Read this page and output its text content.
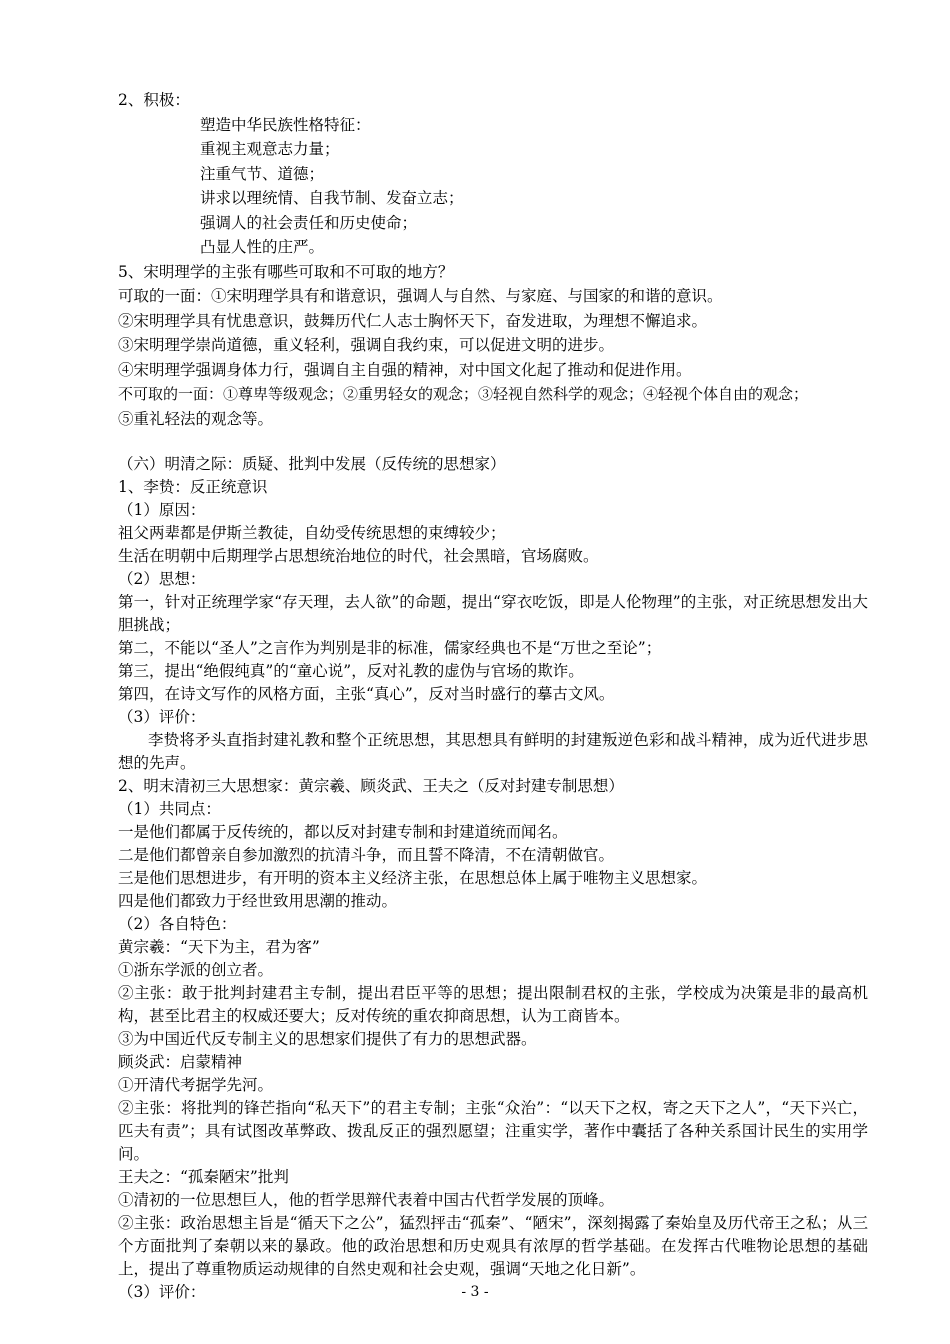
2、积极：
塑造中华民族性格特征：
重视主观意志力量；
注重气节、道德；
讲求以理统情、自我节制、发奋立志；
强调人的社会责任和历史使命；
凸显人性的庄严。
5、宋明理学的主张有哪些可取和不可取的地方？
可取的一面：①宋明理学具有和谐意识，强调人与自然、与家庭、与国家的和谐的意识。
②宋明理学具有忧患意识，鼓舞历代仁人志士胸怀天下，奋发进取，为理想不懈追求。
③宋明理学崇尚道德，重义轻利，强调自我约束，可以促进文明的进步。
④宋明理学强调身体力行，强调自主自强的精神，对中国文化起了推动和促进作用。
不可取的一面：①尊卑等级观念；②重男轻女的观念；③轻视自然科学的观念；④轻视个体自由的观念；
⑤重礼轻法的观念等。
（六）明清之际：质疑、批判中发展（反传统的思想家）
1、李贽：反正统意识
（1）原因：
祖父两辈都是伊斯兰教徒，自幼受传统思想的束缚较少；
生活在明朝中后期理学占思想统治地位的时代，社会黑暗，官场腐败。
（2）思想：
第一，针对正统理学家“存天理，去人欲”的命题，提出“穿衣吃饭，即是人伦物理”的主张，对正统思想发出大胆挑战；
第二，不能以“圣人”之言作为判别是非的标准，儒家经典也不是“万世之至论”；
第三，提出“绝假纯真”的“童心说”，反对礼教的虚伪与官场的欺诈。
第四，在诗文写作的风格方面，主张“真心”，反对当时盛行的摹古文风。
（3）评价：
李贽将矛头直指封建礼教和整个正统思想，其思想具有鲜明的封建叛逆色彩和战斗精神，成为近代进步思想的先声。
2、明末清初三大思想家：黄宗羲、顾炎武、王夫之（反对封建专制思想）
（1）共同点：
一是他们都属于反传统的，都以反对封建专制和封建道统而闻名。
二是他们都曾亲自参加激烈的抗清斗争，而且誓不降清，不在清朝做官。
三是他们思想进步，有开明的资本主义经济主张，在思想总体上属于唯物主义思想家。
四是他们都致力于经世致用思潮的推动。
（2）各自特色：
黄宗羲：“天下为主，君为客”
①浙东学派的创立者。
②主张：敢于批判封建君主专制，提出君臣平等的思想；提出限制君权的主张，学校成为决策是非的最高机构，甚至比君主的权威还要大；反对传统的重农抑商思想，认为工商皆本。
③为中国近代反专制主义的思想家们提供了有力的思想武器。
顾炎武：启蒙精神
①开清代考据学先河。
②主张：将批判的锋芒指向“私天下”的君主专制；主张“众治”：“以天下之权，寄之天下之人”，“天下兴亡，匹夫有责”；具有试图改革弊政、拨乱反正的强烈愿望；注重实学，著作中囊括了各种关系国计民生的实用学问。
王夫之：“孤秦陋宋”批判
①清初的一位思想巨人，他的哲学思辩代表着中国古代哲学发展的顶峰。
②主张：政治思想主旨是“循天下之公”，猛烈抨击“孤秦”、“陋宋”，深刻揭露了秦始皇及历代帝王之私；从三个方面批判了秦朝以来的暴政。他的政治思想和历史观具有浓厚的哲学基础。在发挥古代唯物论思想的基础上，提出了尊重物质运动规律的自然史观和社会史观，强调“天地之化日新”。
（3）评价：	- 3 -
